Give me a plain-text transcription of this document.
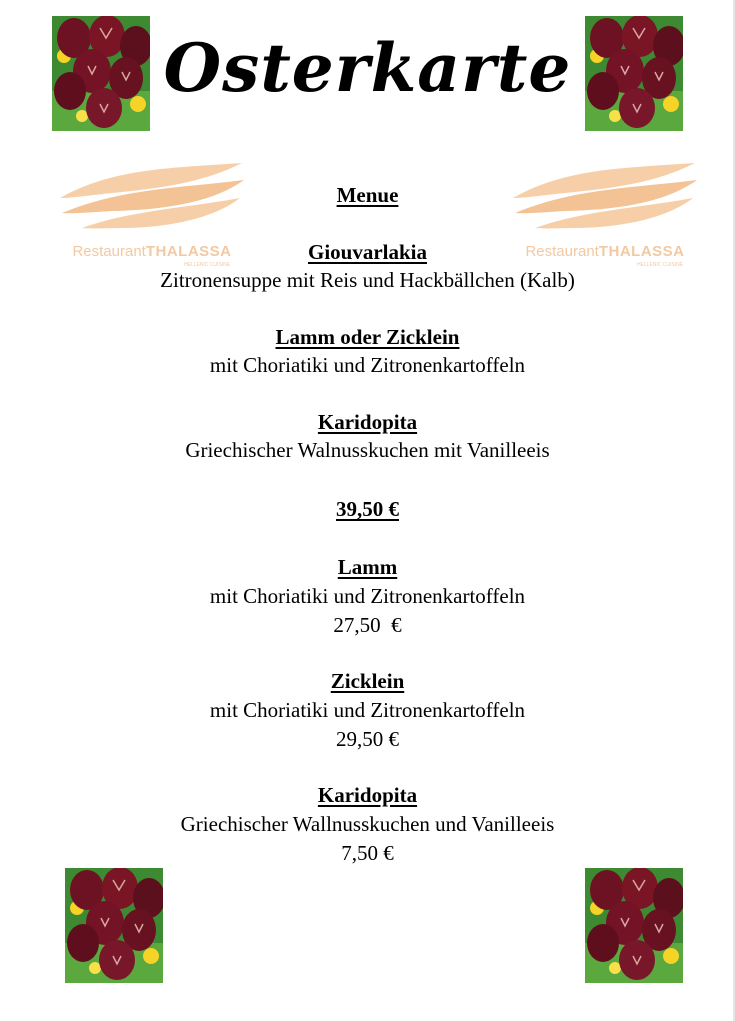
Osterkarte
RestaurantTHALASSA
HELLENIC CUISINE
RestaurantTHALASSA
HELLENIC CUISINE
Menue
Giouvarlakia
Zitronensuppe mit Reis und Hackbällchen (Kalb)
Lamm oder Zicklein
mit Choriatiki und Zitronenkartoffeln
Karidopita
Griechischer Walnusskuchen mit Vanilleeis
39,50 €
Lamm
mit Choriatiki und Zitronenkartoffeln
27,50  €
Zicklein
mit Choriatiki und Zitronenkartoffeln
29,50 €
Karidopita
Griechischer Wallnusskuchen und Vanilleeis
7,50 €
